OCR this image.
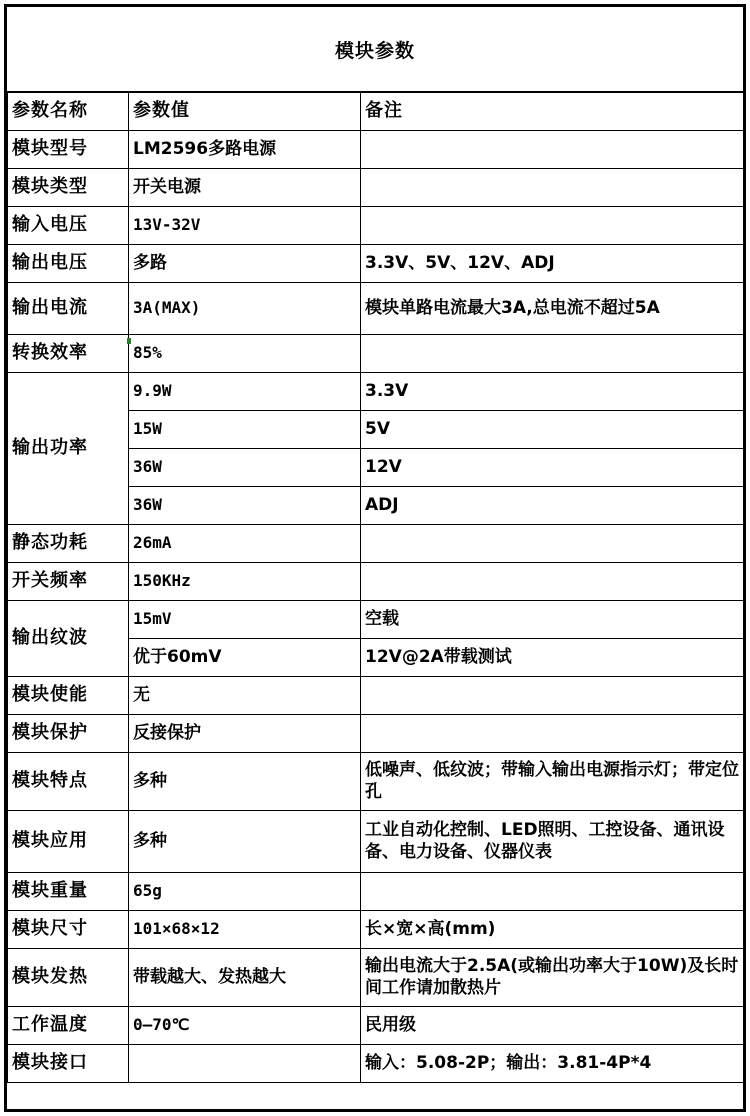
模块参数
参数名称	参数值	备注
模块型号	LM2596多路电源	
模块类型	开关电源	
输入电压	13V-32V	
输出电压	多路	3.3V、5V、12V、ADJ
输出电流	3A(MAX)	模块单路电流最大3A,总电流不超过5A
转换效率	85%	
输出功率	9.9W	3.3V
	15W	5V
	36W	12V
	36W	ADJ
静态功耗	26mA	
开关频率	150KHz	
输出纹波	15mV	空载
	优于60mV	12V@2A带载测试
模块使能	无	
模块保护	反接保护	
模块特点	多种	低噪声、低纹波；带输入输出电源指示灯；带定位孔
模块应用	多种	工业自动化控制、LED照明、工控设备、通讯设备、电力设备、仪器仪表
模块重量	65g	
模块尺寸	101×68×12	长×宽×高(mm)
模块发热	带载越大、发热越大	输出电流大于2.5A(或输出功率大于10W)及长时间工作请加散热片
工作温度	0—70℃	民用级
模块接口		输入：5.08-2P；输出：3.81-4P*4
